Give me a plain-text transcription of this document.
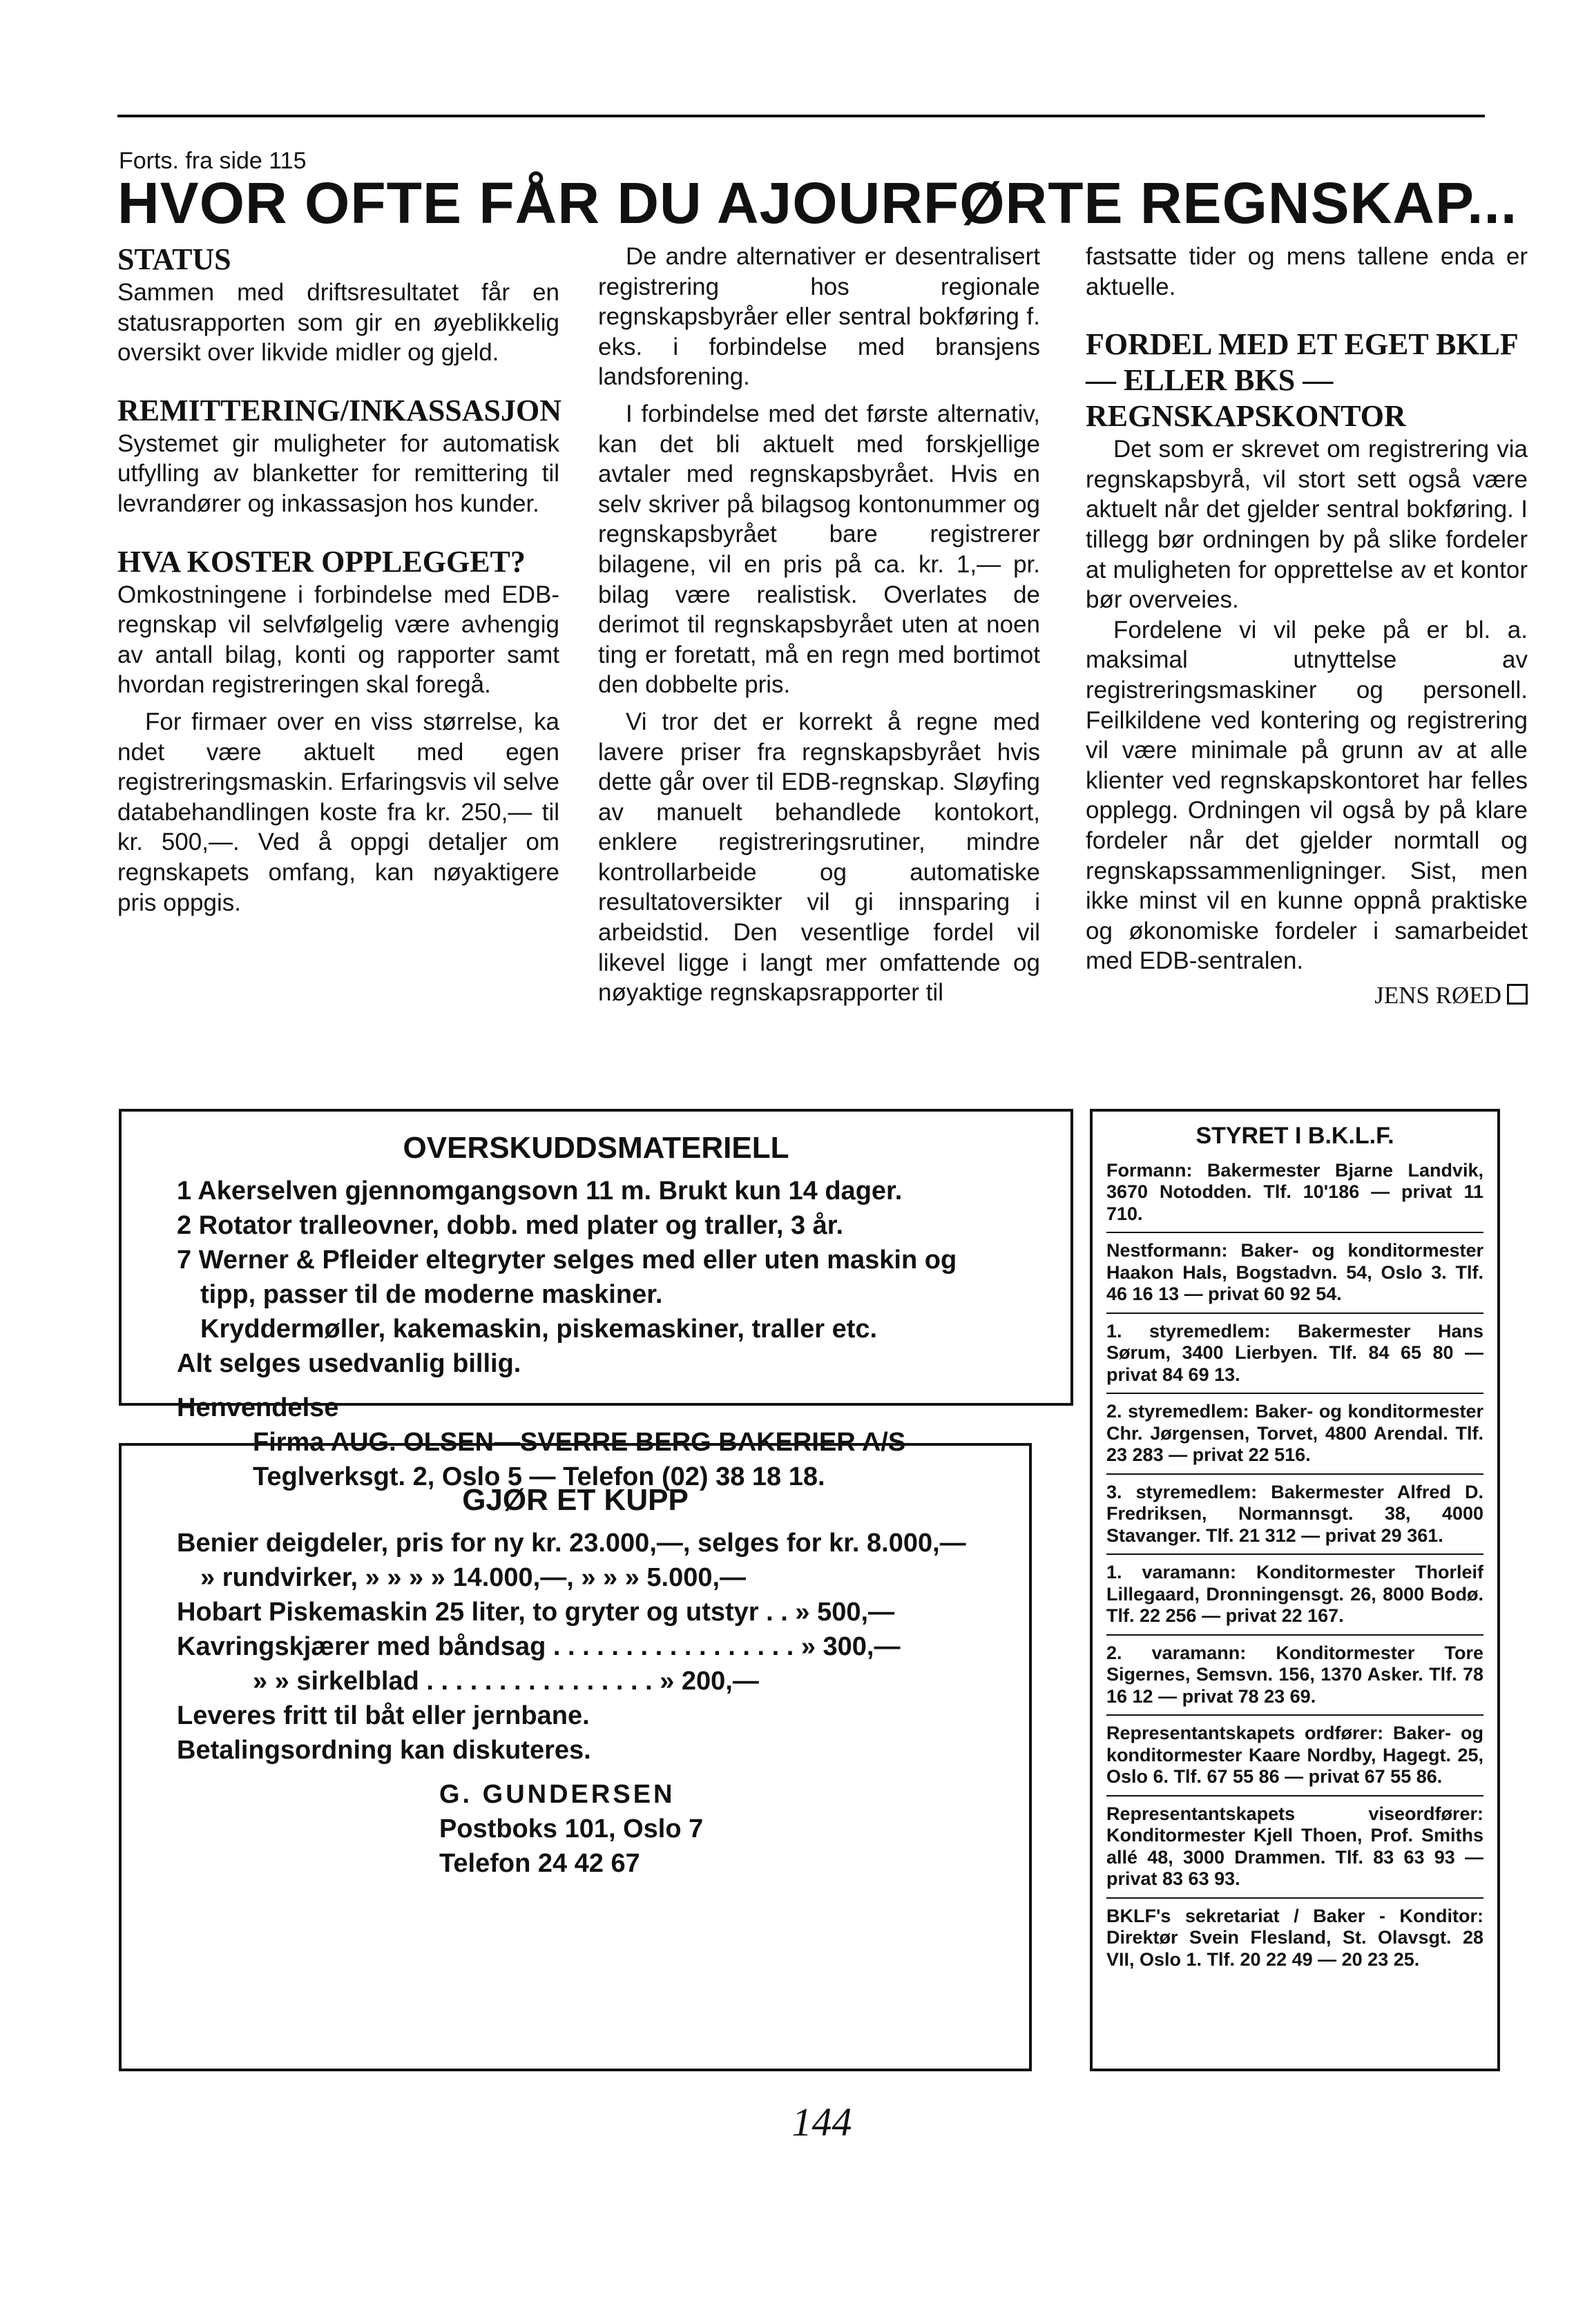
Forts. fra side 115
HVOR OFTE FÅR DU AJOURFØRTE REGNSKAP...
STATUS

Sammen med driftsresultatet får en statusrapporten som gir en øyeblikkelig oversikt over likvide midler og gjeld.

REMITTERING/INKASSASJON

Systemet gir muligheter for automatisk utfylling av blanketter for remittering til levrandører og inkassasjon hos kunder.

HVA KOSTER OPPLEGGET?

Omkostningene i forbindelse med EDB-regnskap vil selvfølgelig være avhengig av antall bilag, konti og rapporter samt hvordan registreringen skal foregå.

For firmaer over en viss størrelse, ka ndet være aktuelt med egen registreringsmaskin. Erfaringsvis vil selve databehandlingen koste fra kr. 250,— til kr. 500,—. Ved å oppgi detaljer om regnskapets omfang, kan nøyaktigere pris oppgis.

De andre alternativer er desentralisert registrering hos regionale regnskapsbyråer eller sentral bokføring f. eks. i forbindelse med bransjens landsforening.

I forbindelse med det første alternativ, kan det bli aktuelt med forskjellige avtaler med regnskapsbyrået. Hvis en selv skriver på bilagsog kontonummer og regnskapsbyrået bare registrerer bilagene, vil en pris på ca. kr. 1,— pr. bilag være realistisk. Overlates de derimot til regnskapsbyrået uten at noen ting er foretatt, må en regn med bortimot den dobbelte pris.

Vi tror det er korrekt å regne med lavere priser fra regnskapsbyrået hvis dette går over til EDB-regnskap. Sløyfing av manuelt behandlede kontokort, enklere registreringsrutiner, mindre kontrollarbeide og automatiske resultatoversikter vil gi innsparing i arbeidstid. Den vesentlige fordel vil likevel ligge i langt mer omfattende og nøyaktige regnskapsrapporter til

fastsatte tider og mens tallene enda er aktuelle.

FORDEL MED ET EGET BKLF — ELLER BKS — REGNSKAPSKONTOR

Det som er skrevet om registrering via regnskapsbyrå, vil stort sett også være aktuelt når det gjelder sentral bokføring. I tillegg bør ordningen by på slike fordeler at muligheten for opprettelse av et kontor bør overveies.

Fordelene vi vil peke på er bl. a. maksimal utnyttelse av registreringsmaskiner og personell. Feilkildene ved kontering og registrering vil være minimale på grunn av at alle klienter ved regnskapskontoret har felles opplegg. Ordningen vil også by på klare fordeler når det gjelder normtall og regnskapssammenligninger. Sist, men ikke minst vil en kunne oppnå praktiske og økonomiske fordeler i samarbeidet med EDB-sentralen.

JENS RØED
OVERSKUDDSMATERIELL
1 Akerselven gjennomgangsovn 11 m. Brukt kun 14 dager.
2 Rotator tralleovner, dobb. med plater og traller, 3 år.
7 Werner & Pfleider eltegryter selges med eller uten maskin og
tipp, passer til de moderne maskiner.
Kryddermøller, kakemaskin, piskemaskiner, traller etc.
Alt selges usedvanlig billig.
Henvendelse
Firma AUG. OLSEN—SVERRE BERG BAKERIER A/S
Teglverksgt. 2, Oslo 5 — Telefon (02) 38 18 18.
GJØR ET KUPP
Benier deigdeler, pris for ny kr. 23.000,—, selges for kr. 8.000,—
» rundvirker, » » » » 14.000,—, » » » 5.000,—
Hobart Piskemaskin 25 liter, to gryter og utstyr . . » 500,—
Kavringskjærer med båndsag . . . . . . . . . . . . . . . . . » 300,—
» » sirkelblad . . . . . . . . . . . . . . . . » 200,—
Leveres fritt til båt eller jernbane.
Betalingsordning kan diskuteres.
G. GUNDERSEN
Postboks 101, Oslo 7
Telefon 24 42 67
STYRET I B.K.L.F.

Formann: Bakermester Bjarne Landvik, 3670 Notodden. Tlf. 10'186 — privat 11 710.

Nestformann: Baker- og konditormester Haakon Hals, Bogstadvn. 54, Oslo 3. Tlf. 46 16 13 — privat 60 92 54.

1. styremedlem: Bakermester Hans Sørum, 3400 Lierbyen. Tlf. 84 65 80 — privat 84 69 13.

2. styremedlem: Baker- og konditormester Chr. Jørgensen, Torvet, 4800 Arendal. Tlf. 23 283 — privat 22 516.

3. styremedlem: Bakermester Alfred D. Fredriksen, Normannsgt. 38, 4000 Stavanger. Tlf. 21 312 — privat 29 361.

1. varamann: Konditormester Thorleif Lillegaard, Dronningensgt. 26, 8000 Bodø. Tlf. 22 256 — privat 22 167.

2. varamann: Konditormester Tore Sigernes, Semsvn. 156, 1370 Asker. Tlf. 78 16 12 — privat 78 23 69.

Representantskapets ordfører: Baker- og konditormester Kaare Nordby, Hagegt. 25, Oslo 6. Tlf. 67 55 86 — privat 67 55 86.

Representantskapets viseordfører: Konditormester Kjell Thoen, Prof. Smiths allé 48, 3000 Drammen. Tlf. 83 63 93 — privat 83 63 93.

BKLF's sekretariat / Baker - Konditor: Direktør Svein Flesland, St. Olavsgt. 28 VII, Oslo 1. Tlf. 20 22 49 — 20 23 25.

144
